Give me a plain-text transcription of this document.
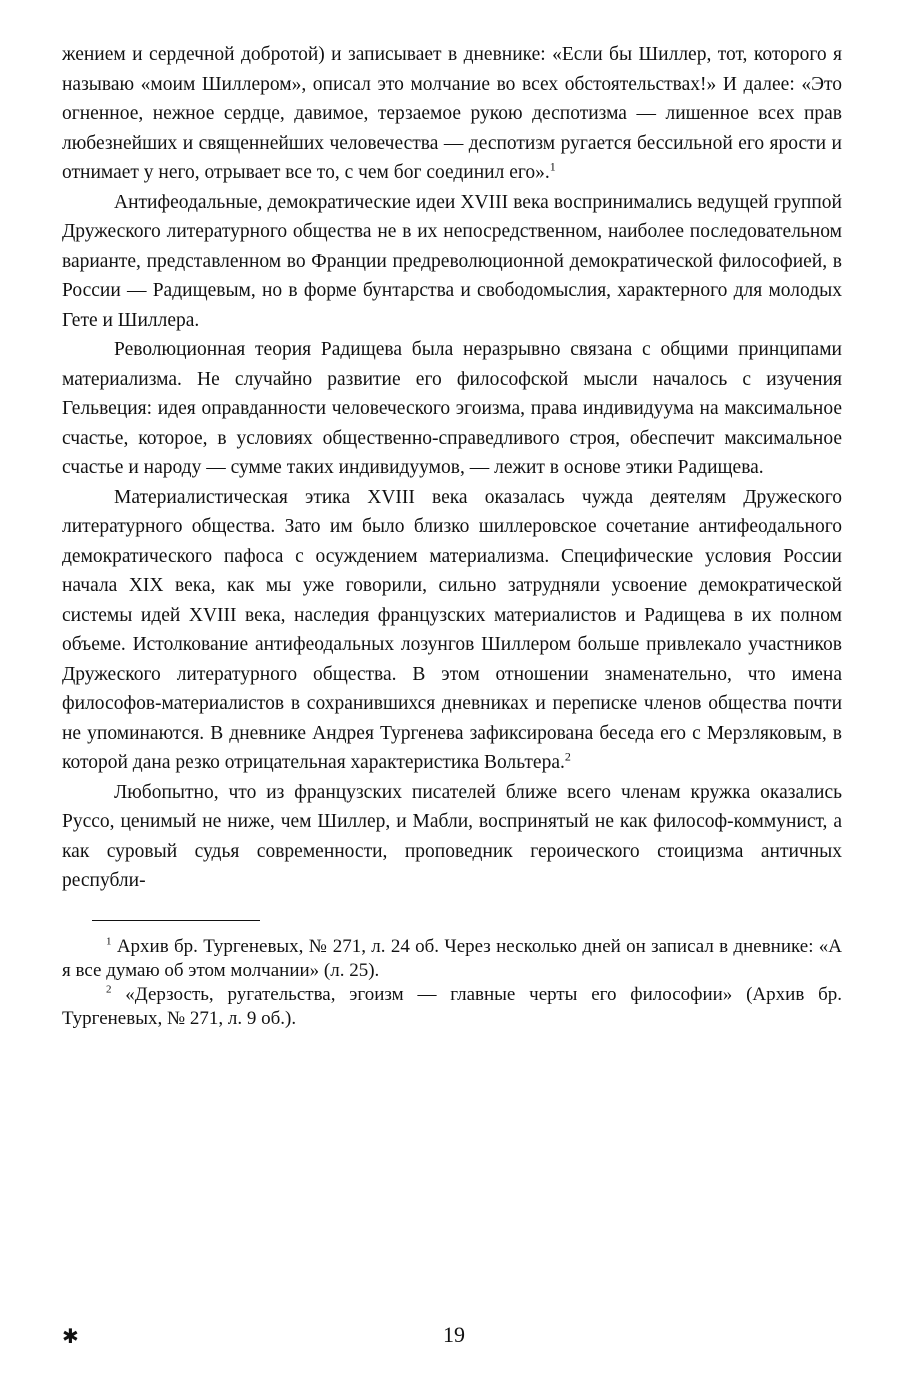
жением и сердечной добротой) и записывает в дневнике: «Если бы Шиллер, тот, которого я называю «моим Шиллером», описал это молчание во всех обстоятельствах!» И далее: «Это огненное, нежное сердце, давимое, терзаемое рукою деспотизма — лишенное всех прав любезнейших и священнейших человечества — деспотизм ругается бессильной его ярости и отнимает у него, отрывает все то, с чем бог соединил его».$^1$

Антифеодальные, демократические идеи XVIII века воспринимались ведущей группой Дружеского литературного общества не в их непосредственном, наиболее последовательном варианте, представленном во Франции предреволюционной демократической философией, в России — Радищевым, но в форме бунтарства и свободомыслия, характерного для молодых Гете и Шиллера.

Революционная теория Радищева была неразрывно связана с общими принципами материализма. Не случайно развитие его философской мысли началось с изучения Гельвеция: идея оправданности человеческого эгоизма, права индивидуума на максимальное счастье, которое, в условиях общественно-справедливого строя, обеспечит максимальное счастье и народу — сумме таких индивидуумов, — лежит в основе этики Радищева.

Материалистическая этика XVIII века оказалась чужда деятелям Дружеского литературного общества. Зато им было близко шиллеровское сочетание антифеодального демократического пафоса с осуждением материализма. Специфические условия России начала XIX века, как мы уже говорили, сильно затрудняли усвоение демократической системы идей XVIII века, наследия французских материалистов и Радищева в их полном объеме. Истолкование антифеодальных лозунгов Шиллером больше привлекало участников Дружеского литературного общества. В этом отношении знаменательно, что имена философов-материалистов в сохранившихся дневниках и переписке членов общества почти не упоминаются. В дневнике Андрея Тургенева зафиксирована беседа его с Мерзляковым, в которой дана резко отрицательная характеристика Вольтера.$^2$

Любопытно, что из французских писателей ближе всего членам кружка оказались Руссо, ценимый не ниже, чем Шиллер, и Мабли, воспринятый не как философ-коммунист, а как суровый судья современности, проповедник героического стоицизма античных республи-

$^1$ Архив бр. Тургеневых, № 271, л. 24 об. Через несколько дней он записал в дневнике: «А я все думаю об этом молчании» (л. 25).

$^2$ «Дерзость, ругательства, эгоизм — главные черты его философии» (Архив бр. Тургеневых, № 271, л. 9 об.).

✱	19
